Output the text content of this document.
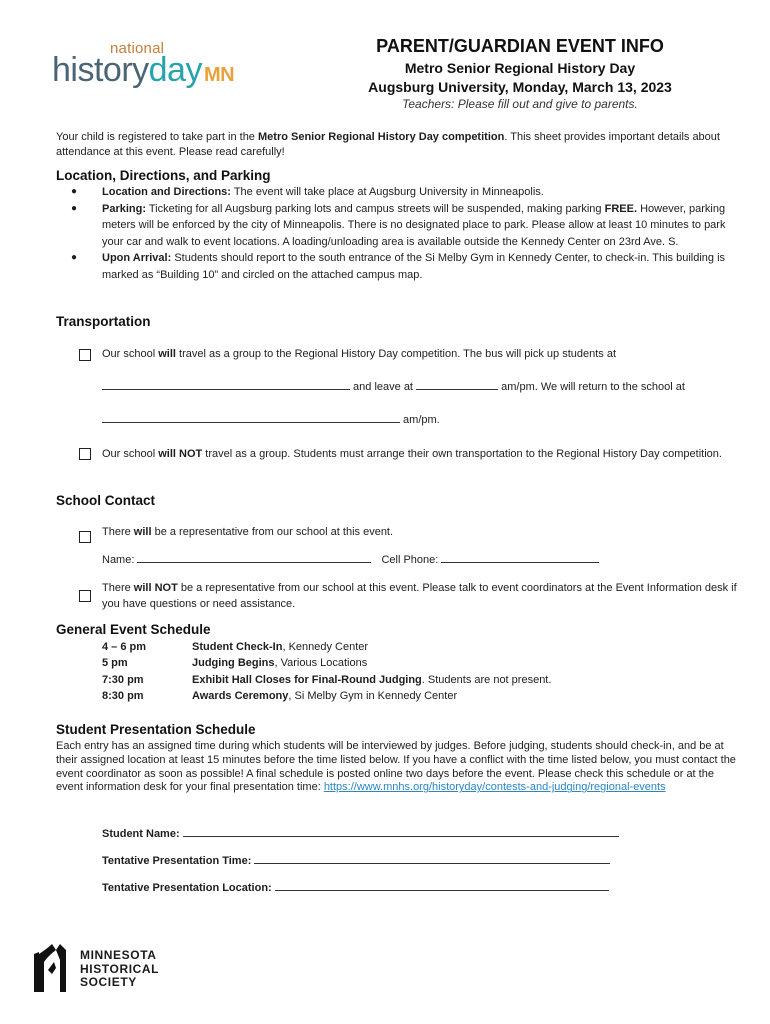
national
historyday MN
PARENT/GUARDIAN EVENT INFO
Metro Senior Regional History Day
Augsburg University, Monday, March 13, 2023
Teachers: Please fill out and give to parents.
Your child is registered to take part in the Metro Senior Regional History Day competition. This sheet provides important details about attendance at this event. Please read carefully!
Location, Directions, and Parking
● Location and Directions: The event will take place at Augsburg University in Minneapolis.
● Parking: Ticketing for all Augsburg parking lots and campus streets will be suspended, making parking FREE. However, parking meters will be enforced by the city of Minneapolis. There is no designated place to park. Please allow at least 10 minutes to park your car and walk to event locations. A loading/unloading area is available outside the Kennedy Center on 23rd Ave. S.
● Upon Arrival: Students should report to the south entrance of the Si Melby Gym in Kennedy Center, to check-in. This building is marked as “Building 10” and circled on the attached campus map.
Transportation
Our school will travel as a group to the Regional History Day competition. The bus will pick up students at
and leave at	am/pm. We will return to the school at
am/pm.
Our school will NOT travel as a group. Students must arrange their own transportation to the Regional History Day competition.
School Contact
There will be a representative from our school at this event.
Name:	Cell Phone:
There will NOT be a representative from our school at this event. Please talk to event coordinators at the Event Information desk if you have questions or need assistance.
General Event Schedule
4 – 6 pm	Student Check-In, Kennedy Center
5 pm	Judging Begins, Various Locations
7:30 pm	Exhibit Hall Closes for Final-Round Judging. Students are not present.
8:30 pm	Awards Ceremony, Si Melby Gym in Kennedy Center
Student Presentation Schedule
Each entry has an assigned time during which students will be interviewed by judges. Before judging, students should check-in, and be at their assigned location at least 15 minutes before the time listed below. If you have a conflict with the time listed below, you must contact the event coordinator as soon as possible! A final schedule is posted online two days before the event. Please check this schedule or at the event information desk for your final presentation time: https://www.mnhs.org/historyday/contests-and-judging/regional-events
Student Name:
Tentative Presentation Time:
Tentative Presentation Location:
MINNESOTA
HISTORICAL
SOCIETY
